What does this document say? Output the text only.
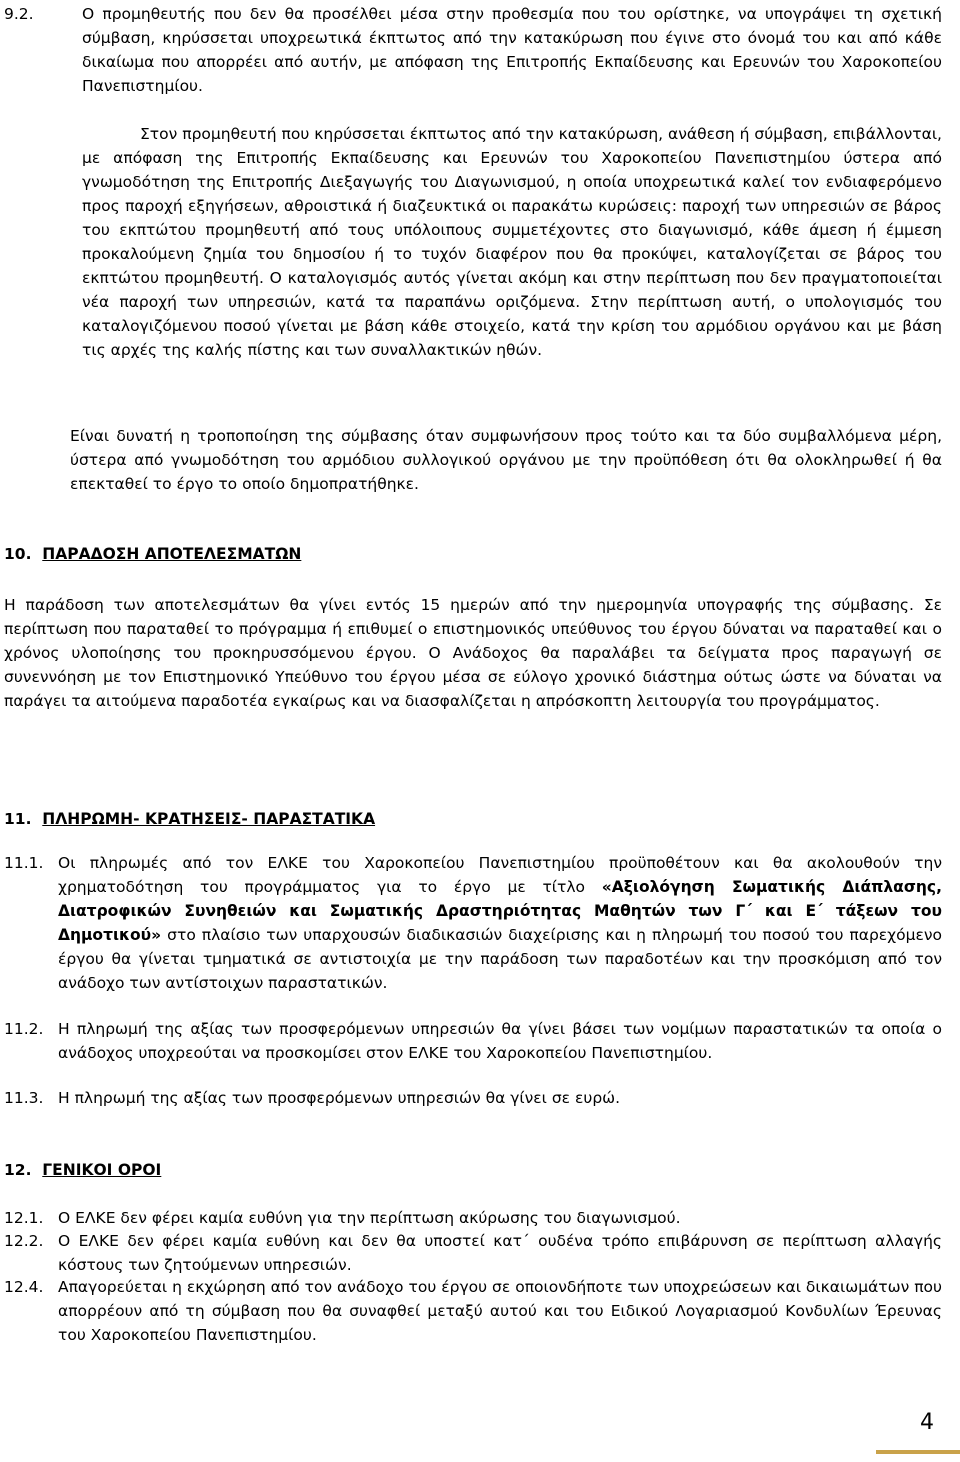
9.2.	Ο προμηθευτής που δεν θα προσέλθει μέσα στην προθεσμία που του ορίστηκε, να υπογράψει τη σχετική σύμβαση, κηρύσσεται υποχρεωτικά έκπτωτος από την κατακύρωση που έγινε στο όνομά του και από κάθε δικαίωμα που απορρέει από αυτήν, με απόφαση της Επιτροπής Εκπαίδευσης και Ερευνών του Χαροκοπείου Πανεπιστημίου.
Στον προμηθευτή που κηρύσσεται έκπτωτος από την κατακύρωση, ανάθεση ή σύμβαση, επιβάλλονται, με απόφαση της Επιτροπής Εκπαίδευσης και Ερευνών του Χαροκοπείου Πανεπιστημίου ύστερα από γνωμοδότηση της Επιτροπής Διεξαγωγής του Διαγωνισμού, η οποία υποχρεωτικά καλεί τον ενδιαφερόμενο προς παροχή εξηγήσεων, αθροιστικά ή διαζευκτικά οι παρακάτω κυρώσεις: παροχή των υπηρεσιών σε βάρος του εκπτώτου προμηθευτή από τους υπόλοιπους συμμετέχοντες στο διαγωνισμό, κάθε άμεση ή έμμεση προκαλούμενη ζημία του δημοσίου ή το τυχόν διαφέρον που θα προκύψει, καταλογίζεται σε βάρος του εκπτώτου προμηθευτή. Ο καταλογισμός αυτός γίνεται ακόμη και στην περίπτωση που δεν πραγματοποιείται νέα παροχή των υπηρεσιών, κατά τα παραπάνω οριζόμενα. Στην περίπτωση αυτή, ο υπολογισμός του καταλογιζόμενου ποσού γίνεται με βάση κάθε στοιχείο, κατά την κρίση του αρμόδιου οργάνου και με βάση τις αρχές της καλής πίστης και των συναλλακτικών ηθών.
Είναι δυνατή η τροποποίηση της σύμβασης όταν συμφωνήσουν προς τούτο και τα δύο συμβαλλόμενα μέρη, ύστερα από γνωμοδότηση του αρμόδιου συλλογικού οργάνου με την προϋπόθεση ότι θα ολοκληρωθεί ή θα επεκταθεί το έργο το οποίο δημοπρατήθηκε.
10. ΠΑΡΑΔΟΣΗ ΑΠΟΤΕΛΕΣΜΑΤΩΝ
Η παράδοση των αποτελεσμάτων θα γίνει εντός 15 ημερών από την ημερομηνία υπογραφής της σύμβασης. Σε περίπτωση που παραταθεί το πρόγραμμα ή επιθυμεί ο επιστημονικός υπεύθυνος του έργου δύναται να παραταθεί και ο χρόνος υλοποίησης του προκηρυσσόμενου έργου. Ο Ανάδοχος θα παραλάβει τα δείγματα προς παραγωγή σε συνεννόηση με τον Επιστημονικό Υπεύθυνο του έργου μέσα σε εύλογο χρονικό διάστημα ούτως ώστε να δύναται να παράγει τα αιτούμενα παραδοτέα εγκαίρως και να διασφαλίζεται η απρόσκοπτη λειτουργία του προγράμματος.
11. ΠΛΗΡΩΜΗ- ΚΡΑΤΗΣΕΙΣ- ΠΑΡΑΣΤΑΤΙΚΑ
11.1. Οι πληρωμές από τον ΕΛΚΕ του Χαροκοπείου Πανεπιστημίου προϋποθέτουν και θα ακολουθούν την χρηματοδότηση του προγράμματος για το έργο με τίτλο «Αξιολόγηση Σωματικής Διάπλασης, Διατροφικών Συνηθειών και Σωματικής Δραστηριότητας Μαθητών των Γ΄ και Ε΄ τάξεων του Δημοτικού» στο πλαίσιο των υπαρχουσών διαδικασιών διαχείρισης και η πληρωμή του ποσού του παρεχόμενο έργου θα γίνεται τμηματικά σε αντιστοιχία με την παράδοση των παραδοτέων και την προσκόμιση από τον ανάδοχο των αντίστοιχων παραστατικών.
11.2. Η πληρωμή της αξίας των προσφερόμενων υπηρεσιών θα γίνει βάσει των νομίμων παραστατικών τα οποία ο ανάδοχος υποχρεούται να προσκομίσει στον ΕΛΚΕ του Χαροκοπείου Πανεπιστημίου.
11.3. Η πληρωμή της αξίας των προσφερόμενων υπηρεσιών θα γίνει σε ευρώ.
12. ΓΕΝΙΚΟΙ ΟΡΟΙ
12.1. Ο ΕΛΚΕ δεν φέρει καμία ευθύνη για την περίπτωση ακύρωσης του διαγωνισμού.
12.2. Ο ΕΛΚΕ δεν φέρει καμία ευθύνη και δεν θα υποστεί κατ΄ ουδένα τρόπο επιβάρυνση σε περίπτωση αλλαγής κόστους των ζητούμενων υπηρεσιών.
12.4. Απαγορεύεται η εκχώρηση από τον ανάδοχο του έργου σε οποιονδήποτε των υποχρεώσεων και δικαιωμάτων που απορρέουν από τη σύμβαση που θα συναφθεί μεταξύ αυτού και του Ειδικού Λογαριασμού Κονδυλίων Έρευνας του Χαροκοπείου Πανεπιστημίου.
4
